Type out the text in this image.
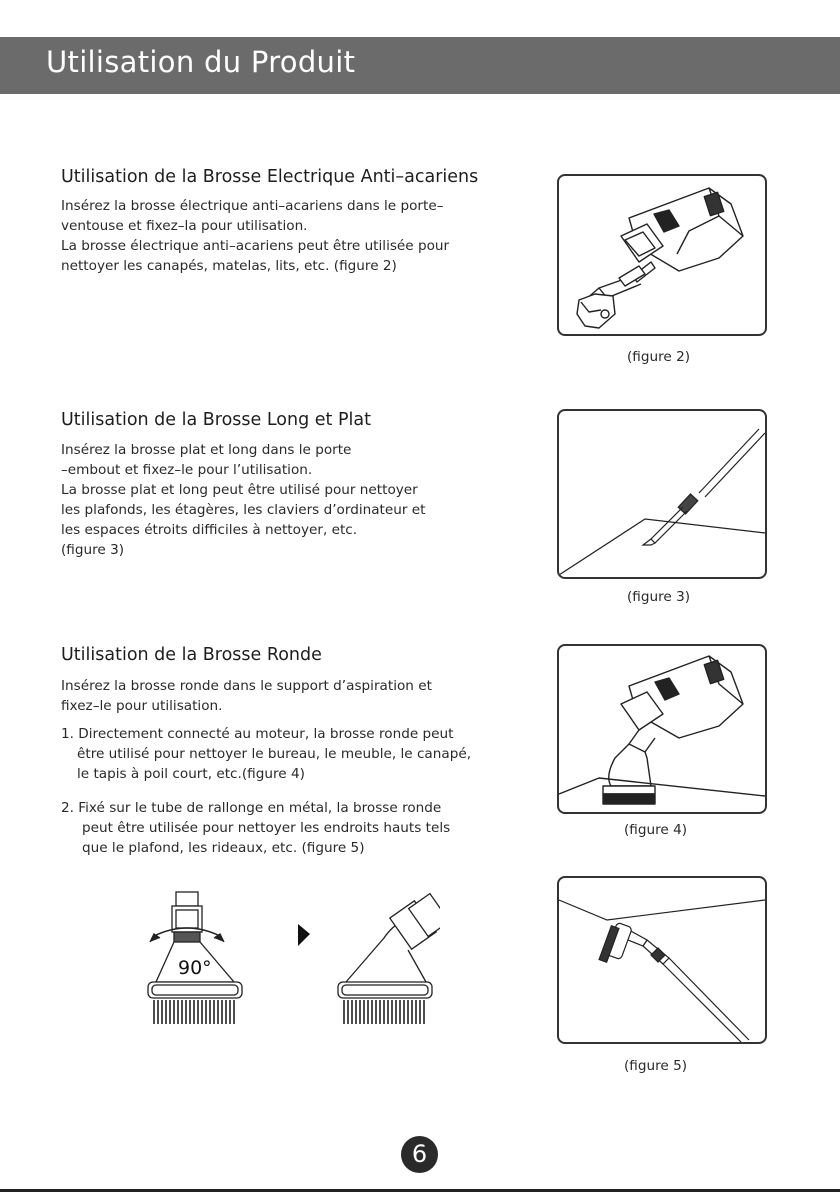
Utilisation du Produit
Utilisation de la Brosse Electrique Anti–acariens
Insérez la brosse électrique anti–acariens dans le porte–
ventouse et fixez–la pour utilisation.
La brosse électrique anti–acariens peut être utilisée pour
nettoyer les canapés, matelas, lits, etc. (figure 2)
(figure 2)
Utilisation de la Brosse Long et Plat
Insérez la brosse plat et long dans le porte
–embout et fixez–le pour l’utilisation.
La brosse plat et long peut être utilisé pour nettoyer
les plafonds, les étagères, les claviers d’ordinateur et
les espaces étroits difficiles à nettoyer, etc.
(figure 3)
(figure 3)
Utilisation de la Brosse Ronde
Insérez la brosse ronde dans le support d’aspiration et
fixez–le pour utilisation.
1. Directement connecté au moteur, la brosse ronde peut
être utilisé pour nettoyer le bureau, le meuble, le canapé,
le tapis à poil court, etc.(figure 4)
2. Fixé sur le tube de rallonge en métal, la brosse ronde
peut être utilisée pour nettoyer les endroits hauts tels
que le plafond, les rideaux, etc. (figure 5)
90°
(figure 4)
(figure 5)
6
